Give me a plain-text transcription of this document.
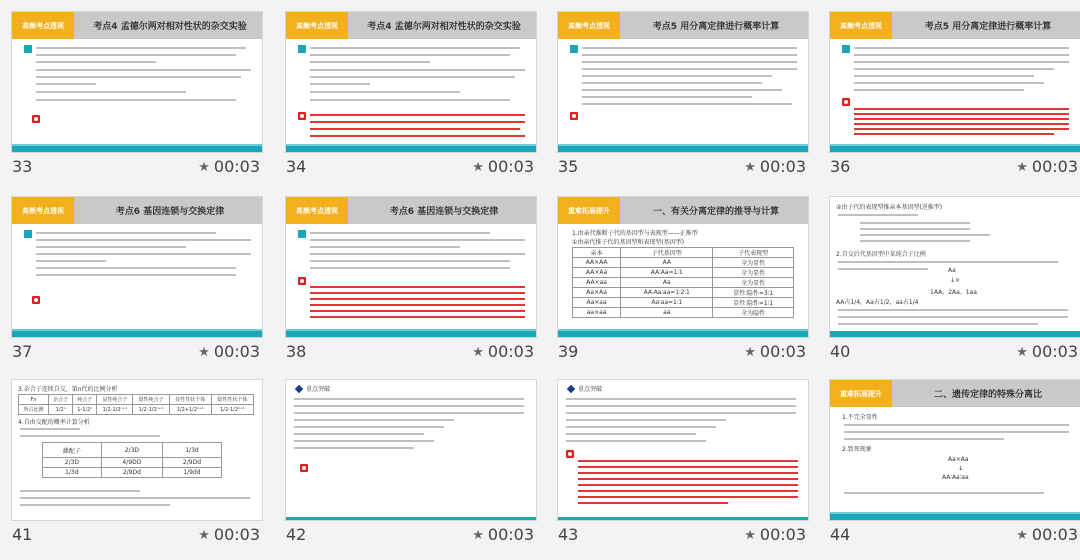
高频考点透视	考点4 孟德尔两对相对性状的杂交实验
33	★ 00:03
高频考点透视	考点4 孟德尔两对相对性状的杂交实验
34	★ 00:03
高频考点透视	考点5 用分离定律进行概率计算
35	★ 00:03
高频考点透视	考点5 用分离定律进行概率计算
36	★ 00:03
高频考点透视	考点6 基因连锁与交换定律
37	★ 00:03
高频考点透视	考点6 基因连锁与交换定律
38	★ 00:03
重难拓展提升	一、有关分离定律的推导与计算
1.由亲代推断子代的基因型与表现型——正推型
①由亲代推子代的基因型和表现型(基因型)
亲本	子代基因型	子代表现型
AA×AA	AA	全为显性
AA×Aa	AA∶Aa=1∶1	全为显性
AA×aa	Aa	全为显性
Aa×Aa	AA∶Aa∶aa=1∶2∶1	显性∶隐性=3∶1
Aa×aa	Aa∶aa=1∶1	显性∶隐性=1∶1
aa×aa	aa	全为隐性
39	★ 00:03
②由子代的表现型推亲本基因型(逆推型)
2.自交后代基因型中某纯合子比例
Aa
↓×
1AA、2Aa、1aa
AA占1/4，Aa占1/2，aa占1/4
40	★ 00:03
3.杂合子连续自交，第n代的比例分析
Fn	杂合子	纯合子	显性纯合子	隐性纯合子	显性性状个体	隐性性状个体
所占比例	1/2ⁿ	1-1/2ⁿ	1/2-1/2ⁿ⁺¹	1/2-1/2ⁿ⁺¹	1/2+1/2ⁿ⁺¹	1/2-1/2ⁿ⁺¹
4.自由交配的概率计算分析
雌配子	2/3D	1/3d
2/3D	4/9DD	2/9Dd
1/3d	2/9Dd	1/9dd
41	★ 00:03
重点突破
42	★ 00:03
重点突破
43	★ 00:03
重难拓展提升	二、遗传定律的特殊分离比
1.不完全显性
2.致死现象
Aa×Aa
↓
AA∶Aa∶aa
44	★ 00:03
